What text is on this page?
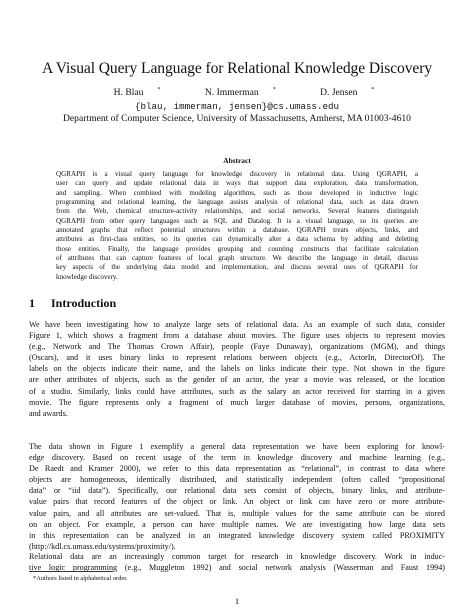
A Visual Query Language for Relational Knowledge Discovery
H. Blau *	N. Immerman *	D. Jensen *
{blau, immerman, jensen}@cs.umass.edu
Department of Computer Science, University of Massachusetts, Amherst, MA 01003-4610
Abstract
QGRAPH is a visual query language for knowledge discovery in relational data. Using QGRAPH, a
user can query and update relational data in ways that support data exploration, data transformation,
and sampling. When combined with modeling algorithms, such as those developed in inductive logic
programming and relational learning, the language assists analysis of relational data, such as data drawn
from the Web, chemical structure-activity relationships, and social networks. Several features distinguish
QGRAPH from other query languages such as SQL and Datalog. It is a visual language, so its queries are
annotated graphs that reflect potential structures within a database. QGRAPH treats objects, links, and
attributes as first-class entities, so its queries can dynamically alter a data schema by adding and deleting
those entities. Finally, the language provides grouping and counting constructs that facilitate calculation
of attributes that can capture features of local graph structure. We describe the language in detail, discuss
key aspects of the underlying data model and implementation, and discuss several uses of QGRAPH for
knowledge discovery.
1 Introduction
We have been investigating how to analyze large sets of relational data. As an example of such data, consider
Figure 1, which shows a fragment from a database about movies. The figure uses objects to represent movies
(e.g., Network and The Thomas Crown Affair), people (Faye Dunaway), organizations (MGM), and things
(Oscars), and it uses binary links to represent relations between objects (e.g., ActorIn, DirectorOf). The
labels on the objects indicate their name, and the labels on links indicate their type. Not shown in the figure
are other attributes of objects, such as the gender of an actor, the year a movie was released, or the location
of a studio. Similarly, links could have attributes, such as the salary an actor received for starring in a given
movie. The figure represents only a fragment of much larger database of movies, persons, organizations,
and awards.
The data shown in Figure 1 exemplify a general data representation we have been exploring for knowl-
edge discovery. Based on recent usage of the term in knowledge discovery and machine learning (e.g.,
De Raedt and Kramer 2000), we refer to this data representation as “relational”, in contrast to data where
objects are homogeneous, identically distributed, and statistically independent (often called “propositional
data” or “iid data”). Specifically, our relational data sets consist of objects, binary links, and attribute-
value pairs that record features of the object or link. An object or link can have zero or more attribute-
value pairs, and all attributes are set-valued. That is, multiple values for the same attribute can be stored
on an object. For example, a person can have multiple names. We are investigating how large data sets
in this representation can be analyzed in an integrated knowledge discovery system called PROXIMITY
(http://kdl.cs.umass.edu/systems/proximity/).
Relational data are an increasingly common target for research in knowledge discovery. Work in induc-
tive logic programming (e.g., Muggleton 1992) and social network analysis (Wasserman and Faust 1994)
*Authors listed in alphabetical order.
1
